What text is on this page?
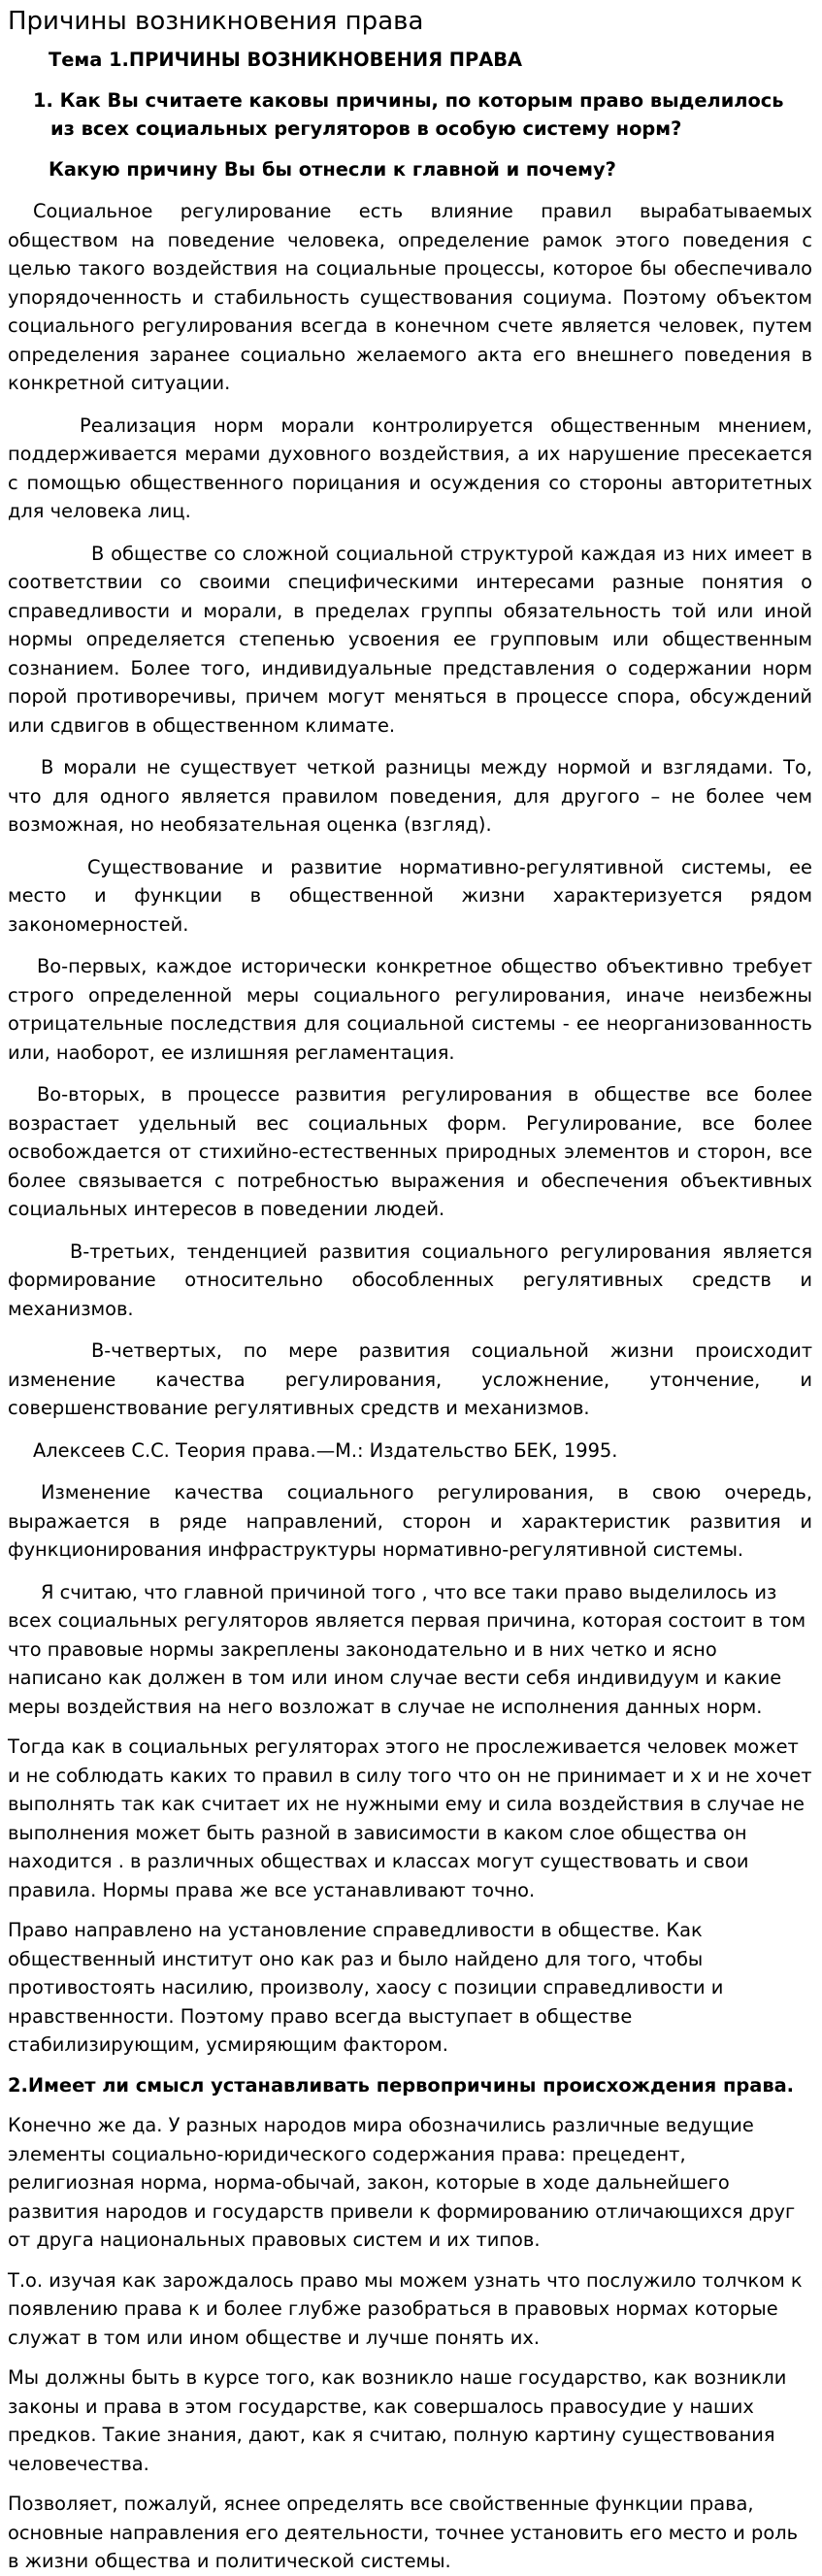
Причины возникновения права

Тема 1.ПРИЧИНЫ ВОЗНИКНОВЕНИЯ ПРАВА

1. Как Вы считаете каковы причины, по которым право выделилось из всех социальных регуляторов в особую систему норм?

Какую причину Вы бы отнесли к главной и почему?

Социальное регулирование есть влияние правил вырабатываемых обществом на поведение человека, определение рамок этого поведения с целью такого воздействия на социальные процессы, которое бы обеспечивало упорядоченность и стабильность существования социума. Поэтому объектом социального регулирования всегда в конечном счете является человек, путем определения заранее социально желаемого акта его внешнего поведения в конкретной ситуации.

Реализация норм морали контролируется общественным мнением, поддерживается мерами духовного воздействия, а их нарушение пресекается с помощью общественного порицания и осуждения со стороны авторитетных для человека лиц.

В обществе со сложной социальной структурой каждая из них имеет в соответствии со своими специфическими интересами разные понятия о справедливости и морали, в пределах группы обязательность той или иной нормы определяется степенью усвоения ее групповым или общественным сознанием. Более того, индивидуальные представления о содержании норм порой противоречивы, причем могут меняться в процессе спора, обсуждений или сдвигов в общественном климате.

В морали не существует четкой разницы между нормой и взглядами. То, что для одного является правилом поведения, для другого – не более чем возможная, но необязательная оценка (взгляд).

Существование и развитие нормативно-регулятивной системы, ее место и функции в общественной жизни характеризуется рядом закономерностей.

Во-первых, каждое исторически конкретное общество объективно требует строго определенной меры социального регулирования, иначе неизбежны отрицательные последствия для социальной системы - ее неорганизованность или, наоборот, ее излишняя регламентация.

Во-вторых, в процессе развития регулирования в обществе все более возрастает удельный вес социальных форм. Регулирование, все более освобождается от стихийно-естественных природных элементов и сторон, все более связывается с потребностью выражения и обеспечения объективных социальных интересов в поведении людей.

В-третьих, тенденцией развития социального регулирования является формирование относительно обособленных регулятивных средств и механизмов.

В-четвертых, по мере развития социальной жизни происходит изменение качества регулирования, усложнение, утончение, и совершенствование регулятивных средств и механизмов.

Алексеев С.С. Теория права.—М.: Издательство БЕК, 1995.

Изменение качества социального регулирования, в свою очередь, выражается в ряде направлений, сторон и характеристик развития и функционирования инфраструктуры нормативно-регулятивной системы.

Я считаю, что главной причиной того , что все таки право выделилось из всех социальных регуляторов является первая причина, которая состоит в том что правовые нормы закреплены законодательно и в них четко и ясно написано как должен в том или ином случае вести себя индивидуум и какие меры воздействия на него возложат в случае не исполнения данных норм.

Тогда как в социальных регуляторах этого не прослеживается человек может и не соблюдать каких то правил в силу того что он не принимает и х и не хочет выполнять так как считает их не нужными ему и сила воздействия в случае не выполнения может быть разной в зависимости в каком слое общества он находится . в различных обществах и классах могут существовать и свои правила. Нормы права же все устанавливают точно.

Право направлено на установление справедливости в обществе. Как общественный институт оно как раз и было найдено для того, чтобы противостоять насилию, произволу, хаосу с позиции справедливости и нравственности. Поэтому право всегда выступает в обществе стабилизирующим, усмиряющим фактором.

2.Имеет ли смысл устанавливать первопричины происхождения права.

Конечно же да. У разных народов мира обозначились различные ведущие элементы социально-юридического содержания права: прецедент, религиозная норма, норма-обычай, закон, которые в ходе дальнейшего развития народов и государств привели к формированию отличающихся друг от друга национальных правовых систем и их типов.

Т.о. изучая как зарождалось право мы можем узнать что послужило толчком к появлению права к и более глубже разобраться в правовых нормах которые служат в том или ином обществе и лучше понять их.

Мы должны быть в курсе того, как возникло наше государство, как возникли законы и права в этом государстве, как совершалось правосудие у наших предков. Такие знания, дают, как я считаю, полную картину существования человечества.

Позволяет, пожалуй, яснее определять все свойственные функции права, основные направления его деятельности, точнее установить его место и роль в жизни общества и политической системы.
